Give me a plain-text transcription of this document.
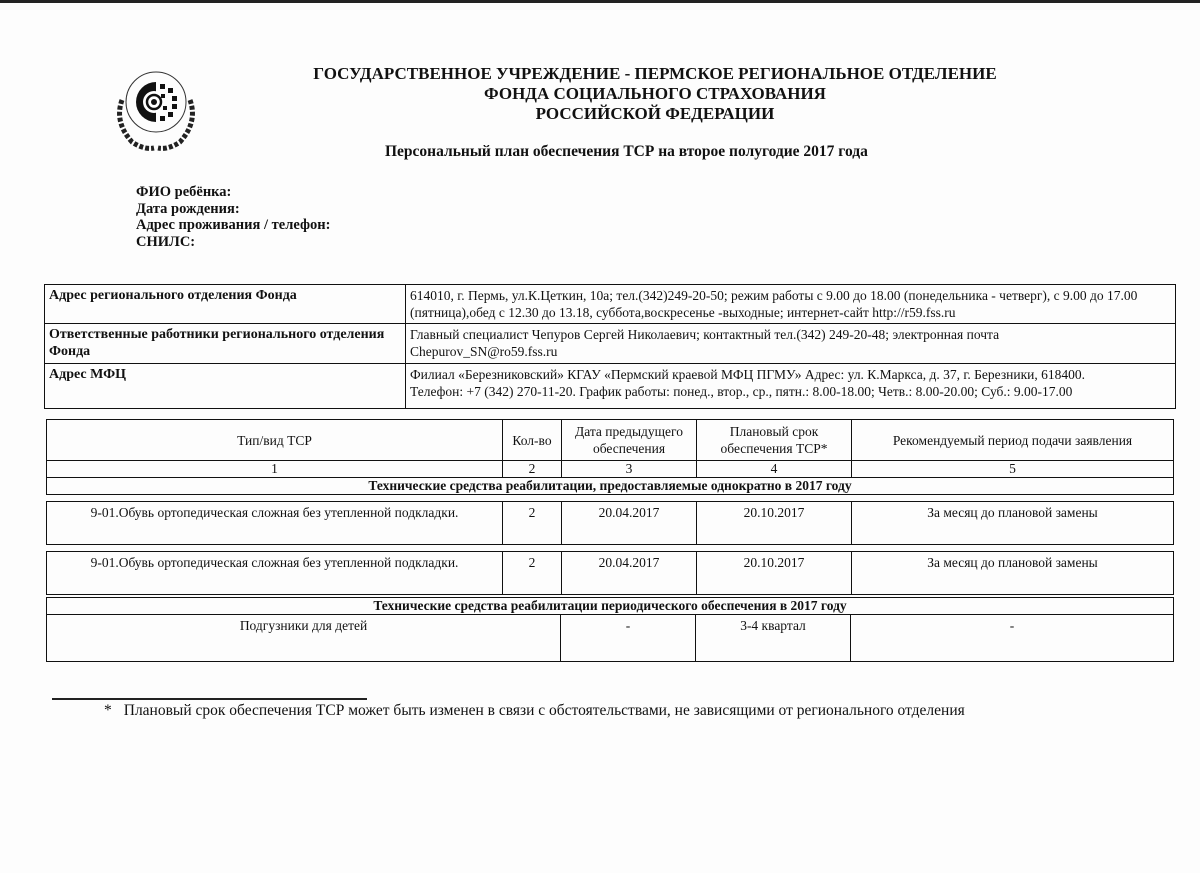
ГОСУДАРСТВЕННОЕ УЧРЕЖДЕНИЕ - ПЕРМСКОЕ РЕГИОНАЛЬНОЕ ОТДЕЛЕНИЕ
ФОНДА СОЦИАЛЬНОГО СТРАХОВАНИЯ
РОССИЙСКОЙ ФЕДЕРАЦИИ
Персональный план обеспечения ТСР на второе полугодие 2017 года
ФИО ребёнка:
Дата рождения:
Адрес проживания / телефон:
СНИЛС:
Адрес регионального отделения Фонда	614010, г. Пермь, ул.К.Цеткин, 10а; тел.(342)249-20-50; режим работы с 9.00 до 18.00 (понедельника - четверг), с 9.00 до 17.00
(пятница),обед с 12.30 до 13.18, суббота,воскресенье -выходные; интернет-сайт http://r59.fss.ru

Ответственные работники регионального отделения Фонда	Главный специалист Чепуров Сергей Николаевич; контактный тел.(342) 249-20-48; электронная почта
Chepurov_SN@ro59.fss.ru

Адрес МФЦ	Филиал «Березниковский» КГАУ «Пермский краевой МФЦ ПГМУ» Адрес: ул. К.Маркса, д. 37, г. Березники, 618400.
Телефон: +7 (342) 270-11-20. График работы: понед., втор., ср., пятн.: 8.00-18.00; Четв.: 8.00-20.00; Суб.: 9.00-17.00
Тип/вид ТСР	Кол-во	Дата предыдущего обеспечения	Плановый срок обеспечения ТСР*	Рекомендуемый период подачи заявления
1	2	3	4	5
Технические средства реабилитации, предоставляемые однократно в 2017 году				

9-01.Обувь ортопедическая сложная без утепленной подкладки.	2	20.04.2017	20.10.2017	За месяц до плановой замены

9-01.Обувь ортопедическая сложная без утепленной подкладки.	2	20.04.2017	20.10.2017	За месяц до плановой замены
Технические средства реабилитации периодического обеспечения в 2017 году
Подгузники для детей	-	3-4 квартал	-
* Плановый срок обеспечения ТСР может быть изменен в связи с обстоятельствами, не зависящими от регионального отделения
